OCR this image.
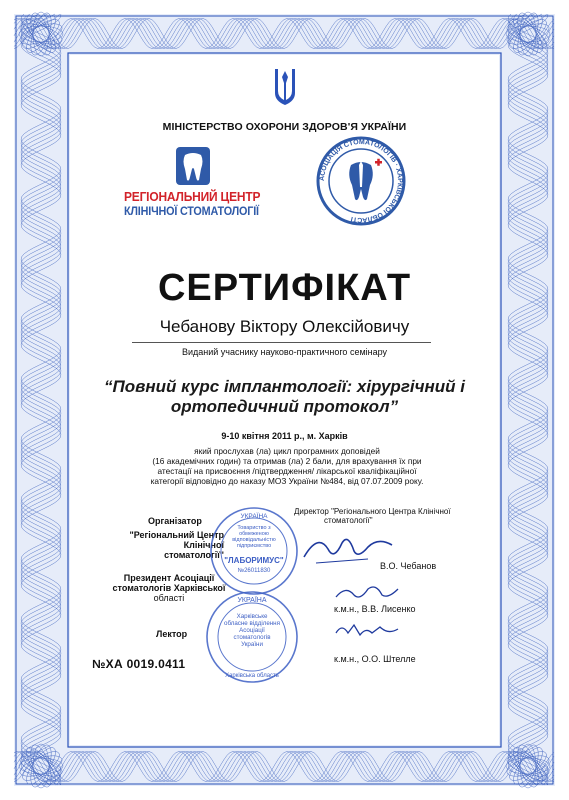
МІНІСТЕРСТВО ОХОРОНИ ЗДОРОВ'Я УКРАЇНИ
РЕГІОНАЛЬНИЙ ЦЕНТР
КЛІНІЧНОЇ СТОМАТОЛОГІЇ
АСОЦІАЦІЯ СТОМАТОЛОГІВ · ХАРКІВСЬКОЇ ОБЛАСТІ
СЕРТИФІКАТ
Чебанову Віктору Олексійовичу
Виданий учаснику науково-практичного семінару
“Повний курс імплантології: хірургічний і
ортопедичний протокол”
9-10 квітня 2011 р., м. Харків
який прослухав (ла) цикл програмних доповідей
(16 академічних годин) та отримав (ла) 2 бали, для врахування їх при
атестації на присвоєння /підтвердження/ лікарської кваліфікаційної
категорії відповідно до наказу МОЗ України №484, від 07.07.2009 року.
Організатор
"Регіональний Центр
Клінічної стоматології"
УКРАЇНА
Товариство з обмеженою відповідальністю підприємство
"ЛАБОРИМУС"
№26011830
Директор "Регіонального Центра Клінічної
стоматології"
В.О. Чебанов
Президент Асоціації
стоматологів Харківської
області
к.м.н., В.В. Лисенко
УКРАЇНА
Харківське обласне відділення Асоціації стоматологів України
Харківська область
Лектор
к.м.н., О.О. Штелле
№ХА 0019.0411
